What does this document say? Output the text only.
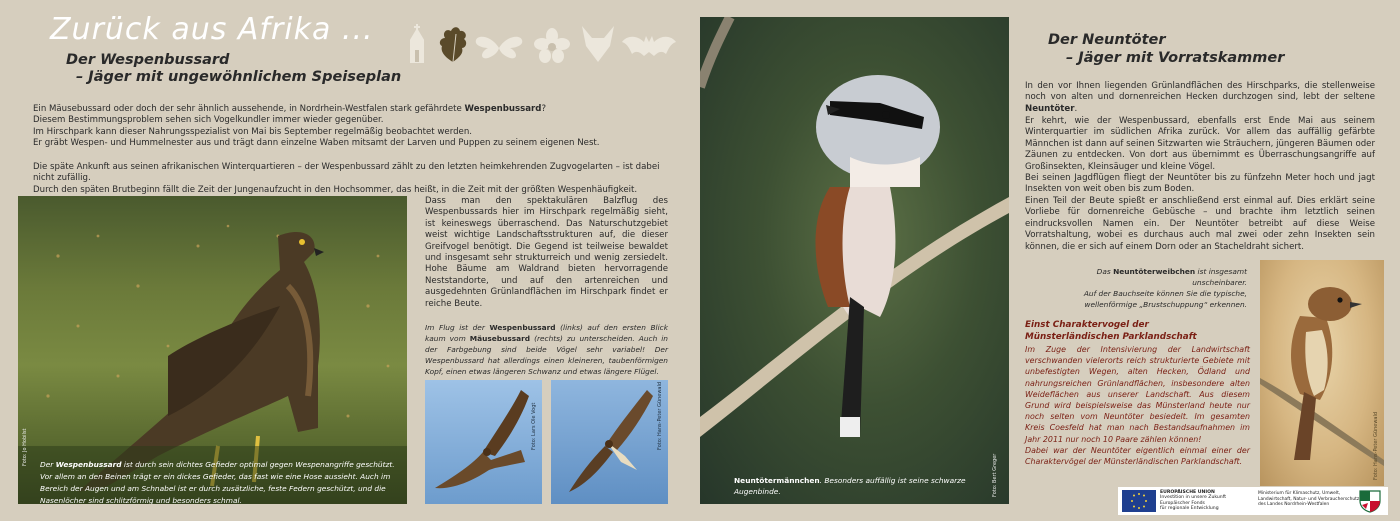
Zurück aus Afrika ...
Der Wespenbussard
– Jäger mit ungewöhnlichem Speiseplan
Ein Mäusebussard oder doch der sehr ähnlich aussehende, in Nordrhein-Westfalen stark gefährdete Wespenbussard?
Diesem Bestimmungsproblem sehen sich Vogelkundler immer wieder gegenüber.
Im Hirschpark kann dieser Nahrungsspezialist von Mai bis September regelmäßig beobachtet werden.
Er gräbt Wespen- und Hummelnester aus und trägt dann einzelne Waben mitsamt der Larven und Puppen zu seinem eigenen Nest.
Die späte Ankunft aus seinen afrikanischen Winterquartieren – der Wespenbussard zählt zu den letzten heimkehrenden Zugvogelarten – ist dabei nicht zufällig.
Durch den späten Brutbeginn fällt die Zeit der Jungenaufzucht in den Hochsommer, das heißt, in die Zeit mit der größten Wespenhäufigkeit.
Foto: Jo Hobilst Der Wespenbussard ist durch sein dichtes Gefieder optimal gegen Wespenangriffe geschützt. Vor allem an den Beinen trägt er ein dickes Gefieder, das fast wie eine Hose aussieht. Auch im Bereich der Augen und am Schnabel ist er durch zusätzliche, feste Federn geschützt, und die Nasenlöcher sind schlitzförmig und besonders schmal.
Dass man den spektakulären Balzflug des Wespenbussards hier im Hirschpark regelmäßig sieht, ist keineswegs überraschend. Das Naturschutzgebiet weist wichtige Landschaftsstrukturen auf, die dieser Greifvogel benötigt. Die Gegend ist teilweise bewaldet und insgesamt sehr strukturreich und wenig zersiedelt. Hohe Bäume am Waldrand bieten hervorragende Neststandorte, und auf den artenreichen und ausgedehnten Grünlandflächen im Hirschpark findet er reiche Beute.
Im Flug ist der Wespenbussard (links) auf den ersten Blick kaum vom Mäusebussard (rechts) zu unterscheiden. Auch in der Farbgebung sind beide Vögel sehr variabel! Der Wespenbussard hat allerdings einen kleineren, taubenförmigen Kopf, einen etwas längeren Schwanz und etwas längere Flügel.
Foto: Lars Ole Vogt	Foto: Hans-Peter Günewald
Neuntötermännchen. Besonders auffällig ist seine schwarze Augenbinde.	Foto: Bert Greger
Der Neuntöter
– Jäger mit Vorratskammer
In den vor Ihnen liegenden Grünlandflächen des Hirschparks, die stellenweise noch von alten und dornenreichen Hecken durchzogen sind, lebt der seltene Neuntöter.
Er kehrt, wie der Wespenbussard, ebenfalls erst Ende Mai aus seinem Winterquartier im südlichen Afrika zurück. Vor allem das auffällig gefärbte Männchen ist dann auf seinen Sitzwarten wie Sträuchern, jüngeren Bäumen oder Zäunen zu entdecken. Von dort aus übernimmt es Überraschungsangriffe auf Großinsekten, Kleinsäuger und kleine Vögel.
Bei seinen Jagdflügen fliegt der Neuntöter bis zu fünfzehn Meter hoch und jagt Insekten von weit oben bis zum Boden.
Einen Teil der Beute spießt er anschließend erst einmal auf. Dies erklärt seine Vorliebe für dornenreiche Gebüsche – und brachte ihm letztlich seinen eindrucksvollen Namen ein. Der Neuntöter betreibt auf diese Weise Vorratshaltung, wobei es durchaus auch mal zwei oder zehn Insekten sein können, die er sich auf einem Dorn oder an Stacheldraht sichert.
Das Neuntöterweibchen ist insgesamt unscheinbarer.
Auf der Bauchseite können Sie die typische,
wellenförmige „Brustschuppung“ erkennen.
Foto: Hans-Peter Günewald
Einst Charaktervogel der
Münsterländischen Parklandschaft
Im Zuge der Intensivierung der Landwirtschaft verschwanden vielerorts reich strukturierte Gebiete mit unbefestigten Wegen, alten Hecken, Ödland und nahrungsreichen Grünlandflächen, insbesondere alten Weideflächen aus unserer Landschaft. Aus diesem Grund wird beispielsweise das Münsterland heute nur noch selten vom Neuntöter besiedelt. Im gesamten Kreis Coesfeld hat man nach Bestandsaufnahmen im Jahr 2011 nur noch 10 Paare zählen können!
Dabei war der Neuntöter eigentlich einmal einer der Charaktervögel der Münsterländischen Parklandschaft.
EUROPÄISCHE UNION
Investition in unsere Zukunft
Europäischer Fonds
für regionale Entwicklung
Ministerium für Klimaschutz, Umwelt,
Landwirtschaft, Natur- und Verbraucherschutz
des Landes Nordrhein-Westfalen
